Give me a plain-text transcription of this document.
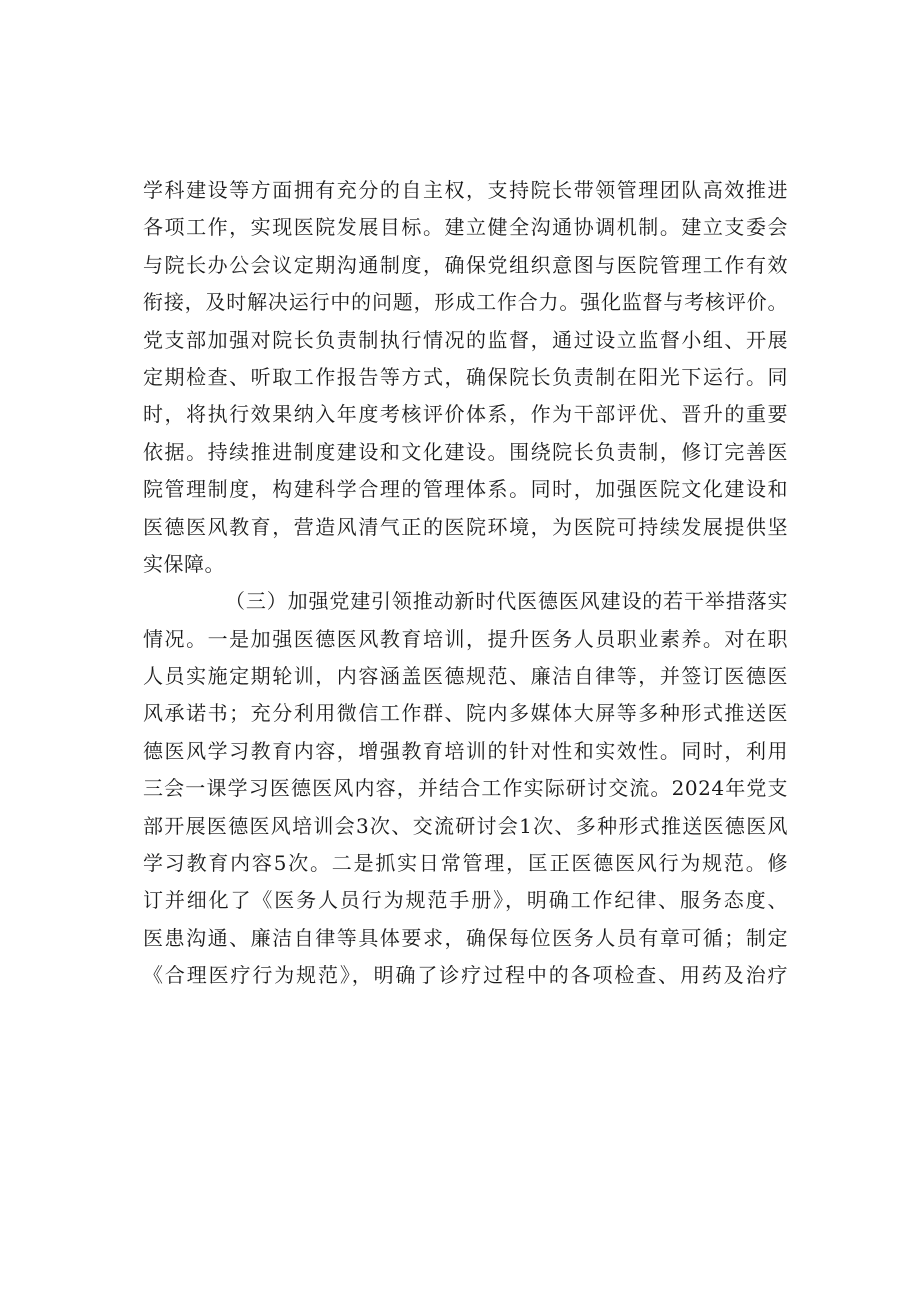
学科建设等方面拥有充分的自主权，支持院长带领管理团队高效推进
各项工作，实现医院发展目标。建立健全沟通协调机制。建立支委会
与院长办公会议定期沟通制度，确保党组织意图与医院管理工作有效
衔接，及时解决运行中的问题，形成工作合力。强化监督与考核评价。
党支部加强对院长负责制执行情况的监督，通过设立监督小组、开展
定期检查、听取工作报告等方式，确保院长负责制在阳光下运行。同
时，将执行效果纳入年度考核评价体系，作为干部评优、晋升的重要
依据。持续推进制度建设和文化建设。围绕院长负责制，修订完善医
院管理制度，构建科学合理的管理体系。同时，加强医院文化建设和
医德医风教育，营造风清气正的医院环境，为医院可持续发展提供坚
实保障。
（三）加强党建引领推动新时代医德医风建设的若干举措落实
情况。一是加强医德医风教育培训，提升医务人员职业素养。对在职
人员实施定期轮训，内容涵盖医德规范、廉洁自律等，并签订医德医
风承诺书；充分利用微信工作群、院内多媒体大屏等多种形式推送医
德医风学习教育内容，增强教育培训的针对性和实效性。同时，利用
三会一课学习医德医风内容，并结合工作实际研讨交流。2024年党支
部开展医德医风培训会3次、交流研讨会1次、多种形式推送医德医风
学习教育内容5次。二是抓实日常管理，匡正医德医风行为规范。修
订并细化了《医务人员行为规范手册》，明确工作纪律、服务态度、
医患沟通、廉洁自律等具体要求，确保每位医务人员有章可循；制定
《合理医疗行为规范》，明确了诊疗过程中的各项检查、用药及治疗
